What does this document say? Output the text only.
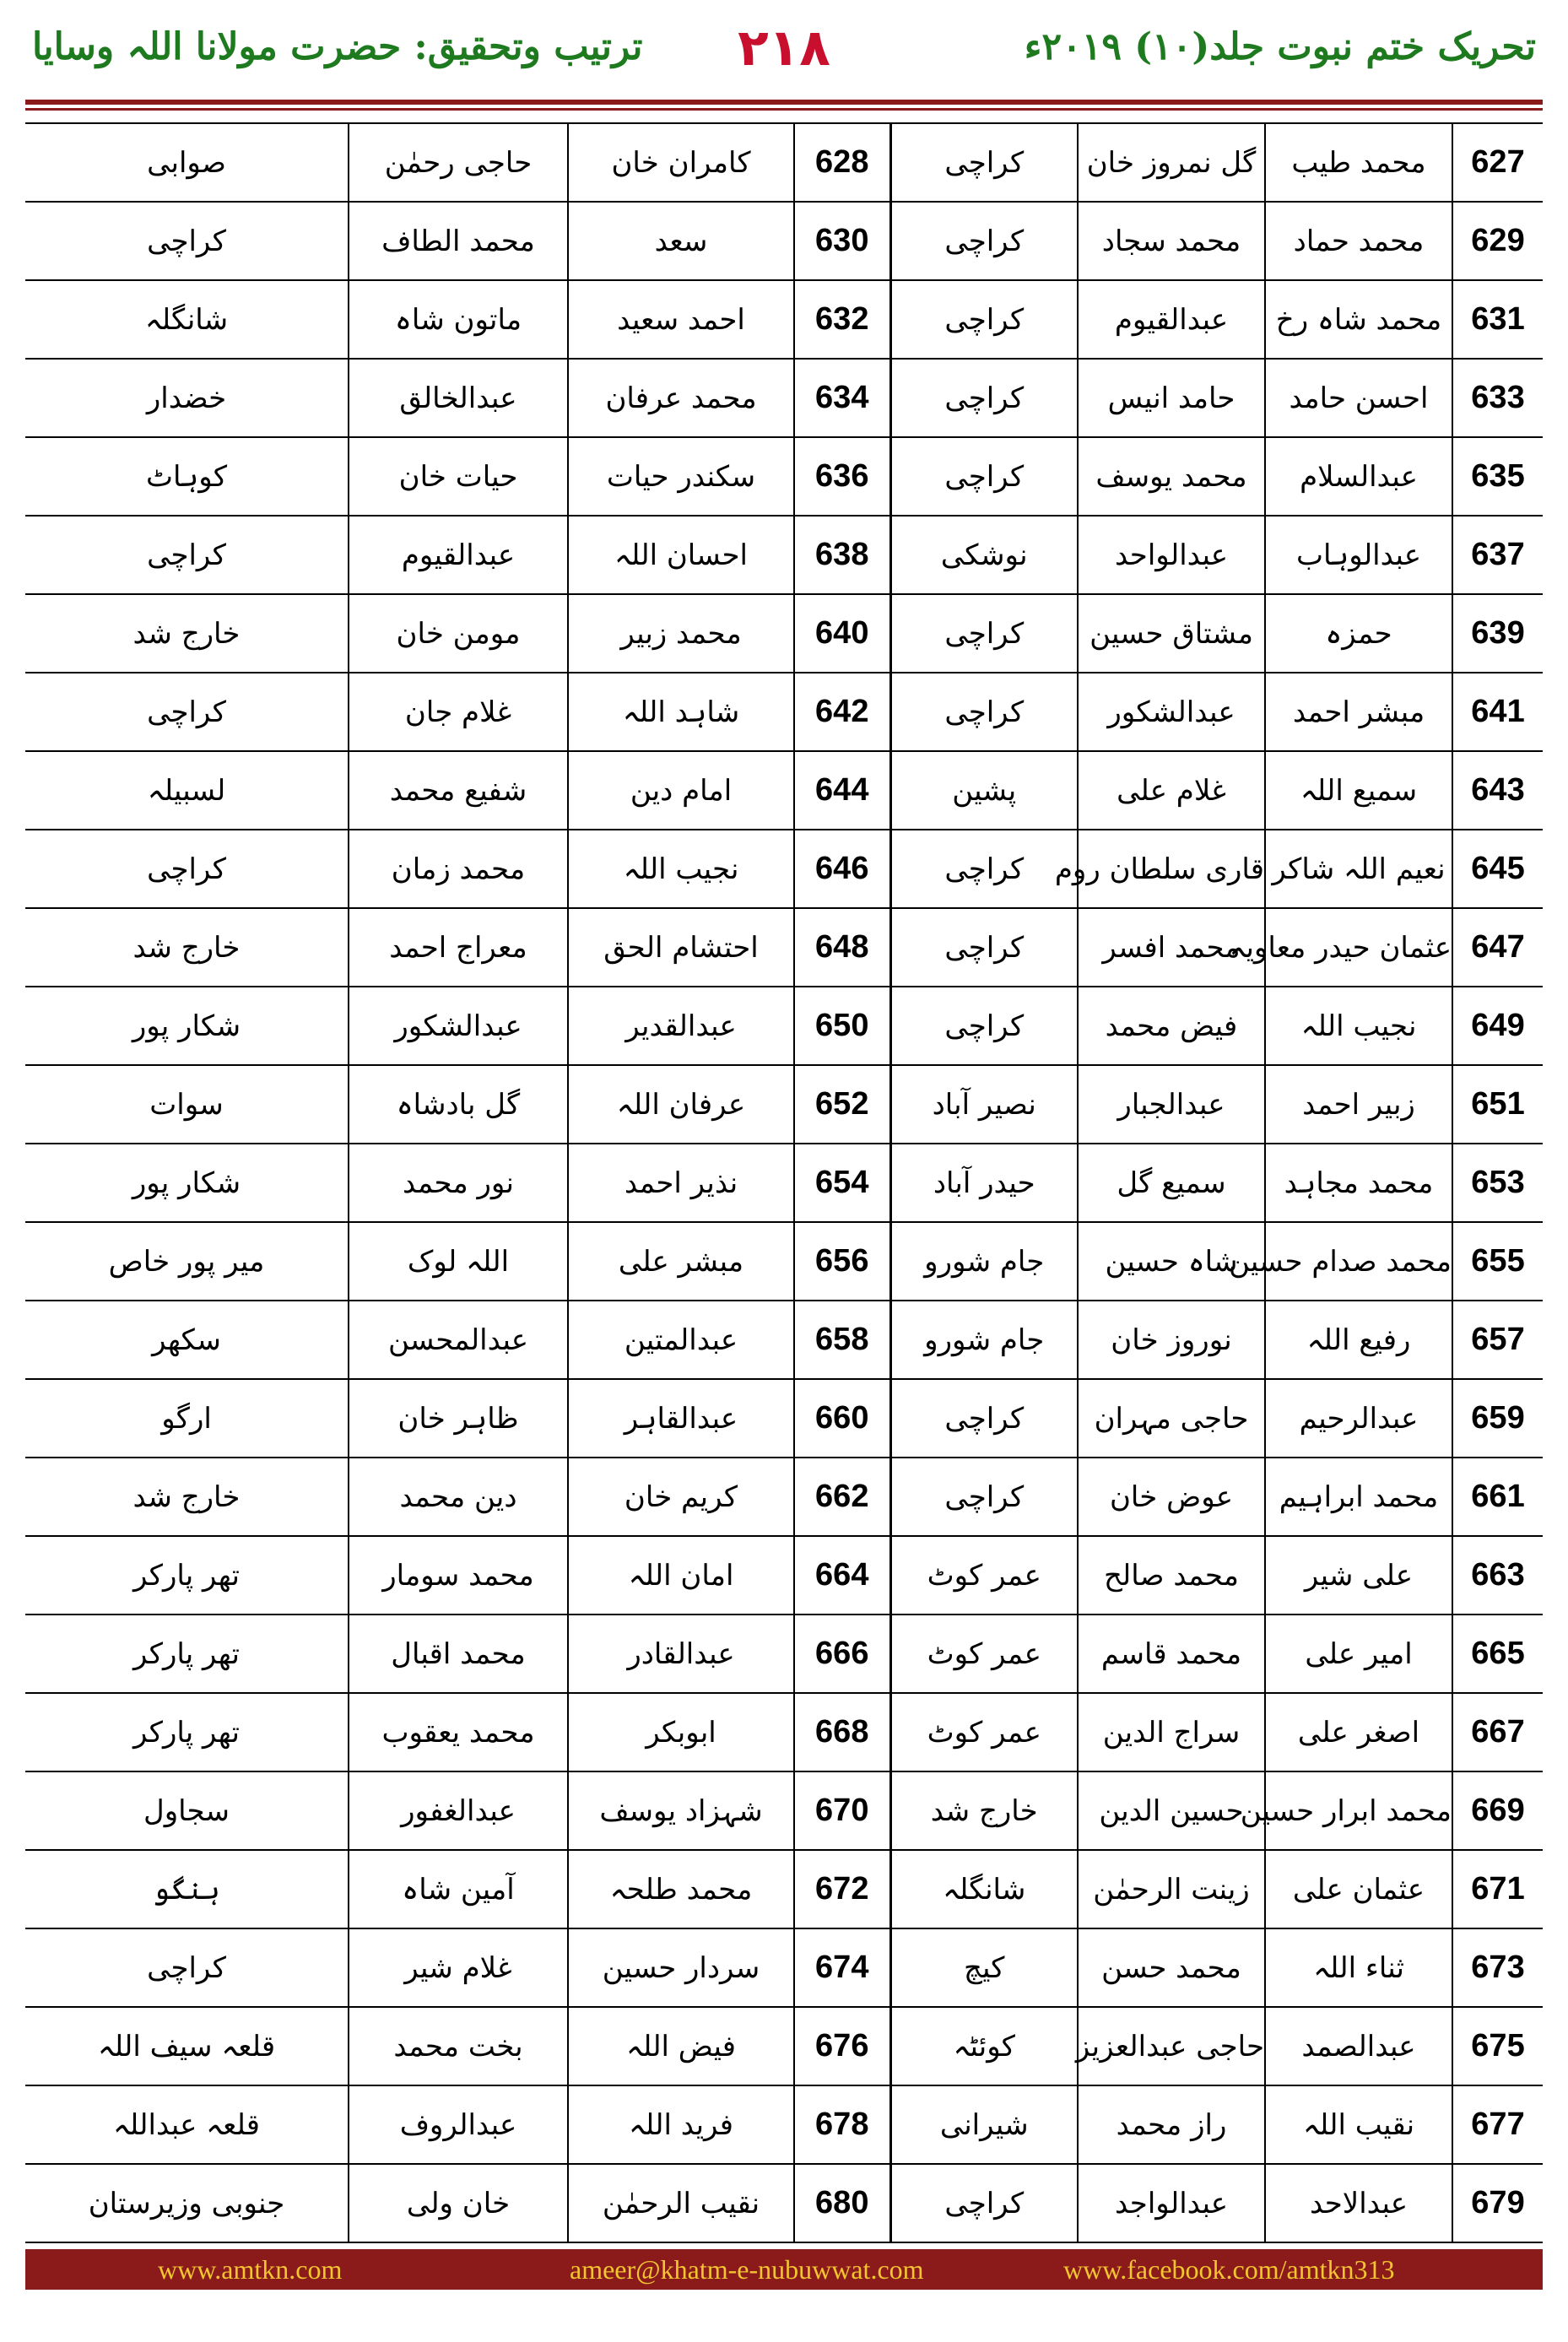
تحریک ختم نبوت جلد(۱۰) ۲۰۱۹ء
۲۱۸
ترتیب وتحقیق: حضرت مولانا اللہ وسایا
627	محمد طیب	گل نمروز خان	کراچی	628	کامران خان	حاجی رحمٰن	صوابی
629	محمد حماد	محمد سجاد	کراچی	630	سعد	محمد الطاف	کراچی
631	محمد شاہ رخ	عبدالقیوم	کراچی	632	احمد سعید	ماتون شاہ	شانگلہ
633	احسن حامد	حامد انیس	کراچی	634	محمد عرفان	عبدالخالق	خضدار
635	عبدالسلام	محمد یوسف	کراچی	636	سکندر حیات	حیات خان	کوہاٹ
637	عبدالوہاب	عبدالواحد	نوشکی	638	احسان اللہ	عبدالقیوم	کراچی
639	حمزہ	مشتاق حسین	کراچی	640	محمد زبیر	مومن خان	خارج شد
641	مبشر احمد	عبدالشکور	کراچی	642	شاہد اللہ	غلام جان	کراچی
643	سمیع اللہ	غلام علی	پشین	644	امام دین	شفیع محمد	لسبیلہ
645	نعیم اللہ شاکر	قاری سلطان روم	کراچی	646	نجیب اللہ	محمد زمان	کراچی
647	عثمان حیدر معاویہ	محمد افسر	کراچی	648	احتشام الحق	معراج احمد	خارج شد
649	نجیب اللہ	فیض محمد	کراچی	650	عبدالقدیر	عبدالشکور	شکار پور
651	زبیر احمد	عبدالجبار	نصیر آباد	652	عرفان اللہ	گل بادشاہ	سوات
653	محمد مجاہد	سمیع گل	حیدر آباد	654	نذیر احمد	نور محمد	شکار پور
655	محمد صدام حسین	شاہ حسین	جام شورو	656	مبشر علی	اللہ لوک	میر پور خاص
657	رفیع اللہ	نوروز خان	جام شورو	658	عبدالمتین	عبدالمحسن	سکھر
659	عبدالرحیم	حاجی مہران	کراچی	660	عبدالقاہر	ظاہر خان	ارگو
661	محمد ابراہیم	عوض خان	کراچی	662	کریم خان	دین محمد	خارج شد
663	علی شیر	محمد صالح	عمر کوٹ	664	امان اللہ	محمد سومار	تھر پارکر
665	امیر علی	محمد قاسم	عمر کوٹ	666	عبدالقادر	محمد اقبال	تھر پارکر
667	اصغر علی	سراج الدین	عمر کوٹ	668	ابوبکر	محمد یعقوب	تھر پارکر
669	محمد ابرار حسین	حسین الدین	خارج شد	670	شہزاد یوسف	عبدالغفور	سجاول
671	عثمان علی	زینت الرحمٰن	شانگلہ	672	محمد طلحہ	آمین شاہ	ہنگو
673	ثناء اللہ	محمد حسن	کیچ	674	سردار حسین	غلام شیر	کراچی
675	عبدالصمد	حاجی عبدالعزیز	کوئٹہ	676	فیض اللہ	بخت محمد	قلعہ سیف اللہ
677	نقیب اللہ	راز محمد	شیرانی	678	فرید اللہ	عبدالروف	قلعہ عبداللہ
679	عبدالاحد	عبدالواجد	کراچی	680	نقیب الرحمٰن	خان ولی	جنوبی وزیرستان
www.amtkn.com	ameer@khatm-e-nubuwwat.com	www.facebook.com/amtkn313
